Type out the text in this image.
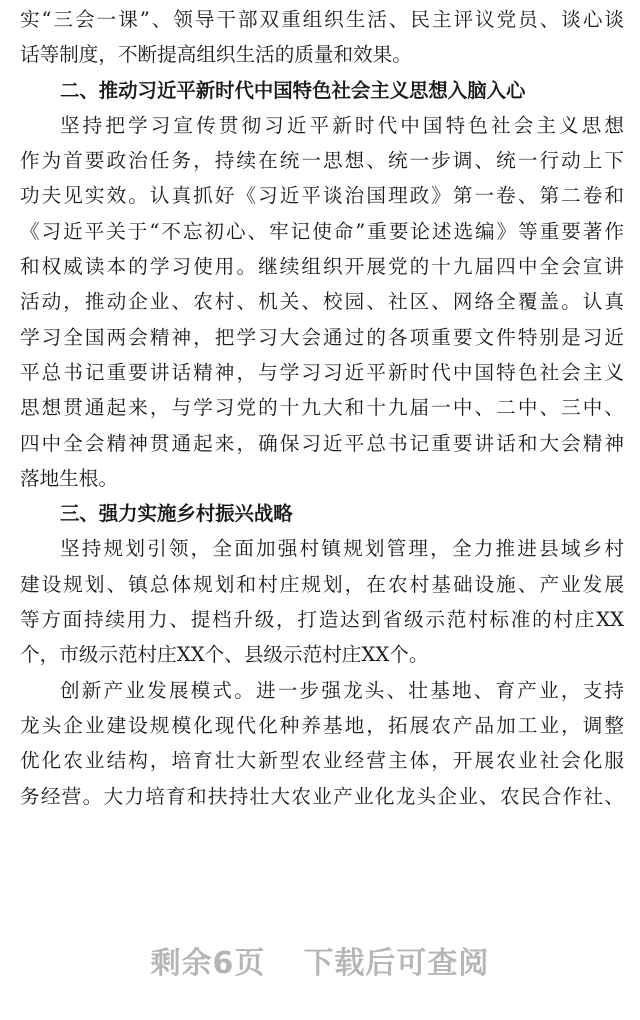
实“三会一课”、领导干部双重组织生活、民主评议党员、谈心谈
话等制度，不断提高组织生活的质量和效果。
二、推动习近平新时代中国特色社会主义思想入脑入心
坚持把学习宣传贯彻习近平新时代中国特色社会主义思想
作为首要政治任务，持续在统一思想、统一步调、统一行动上下
功夫见实效。认真抓好《习近平谈治国理政》第一卷、第二卷和
《习近平关于“不忘初心、牢记使命”重要论述选编》等重要著作
和权威读本的学习使用。继续组织开展党的十九届四中全会宣讲
活动，推动企业、农村、机关、校园、社区、网络全覆盖。认真
学习全国两会精神，把学习大会通过的各项重要文件特别是习近
平总书记重要讲话精神，与学习习近平新时代中国特色社会主义
思想贯通起来，与学习党的十九大和十九届一中、二中、三中、
四中全会精神贯通起来，确保习近平总书记重要讲话和大会精神
落地生根。
三、强力实施乡村振兴战略
坚持规划引领，全面加强村镇规划管理，全力推进县域乡村
建设规划、镇总体规划和村庄规划，在农村基础设施、产业发展
等方面持续用力、提档升级，打造达到省级示范村标准的村庄XX
个，市级示范村庄XX个、县级示范村庄XX个。
创新产业发展模式。进一步强龙头、壮基地、育产业，支持
龙头企业建设规模化现代化种养基地，拓展农产品加工业，调整
优化农业结构，培育壮大新型农业经营主体，开展农业社会化服
务经营。大力培育和扶持壮大农业产业化龙头企业、农民合作社、
剩余6页 下载后可查阅
